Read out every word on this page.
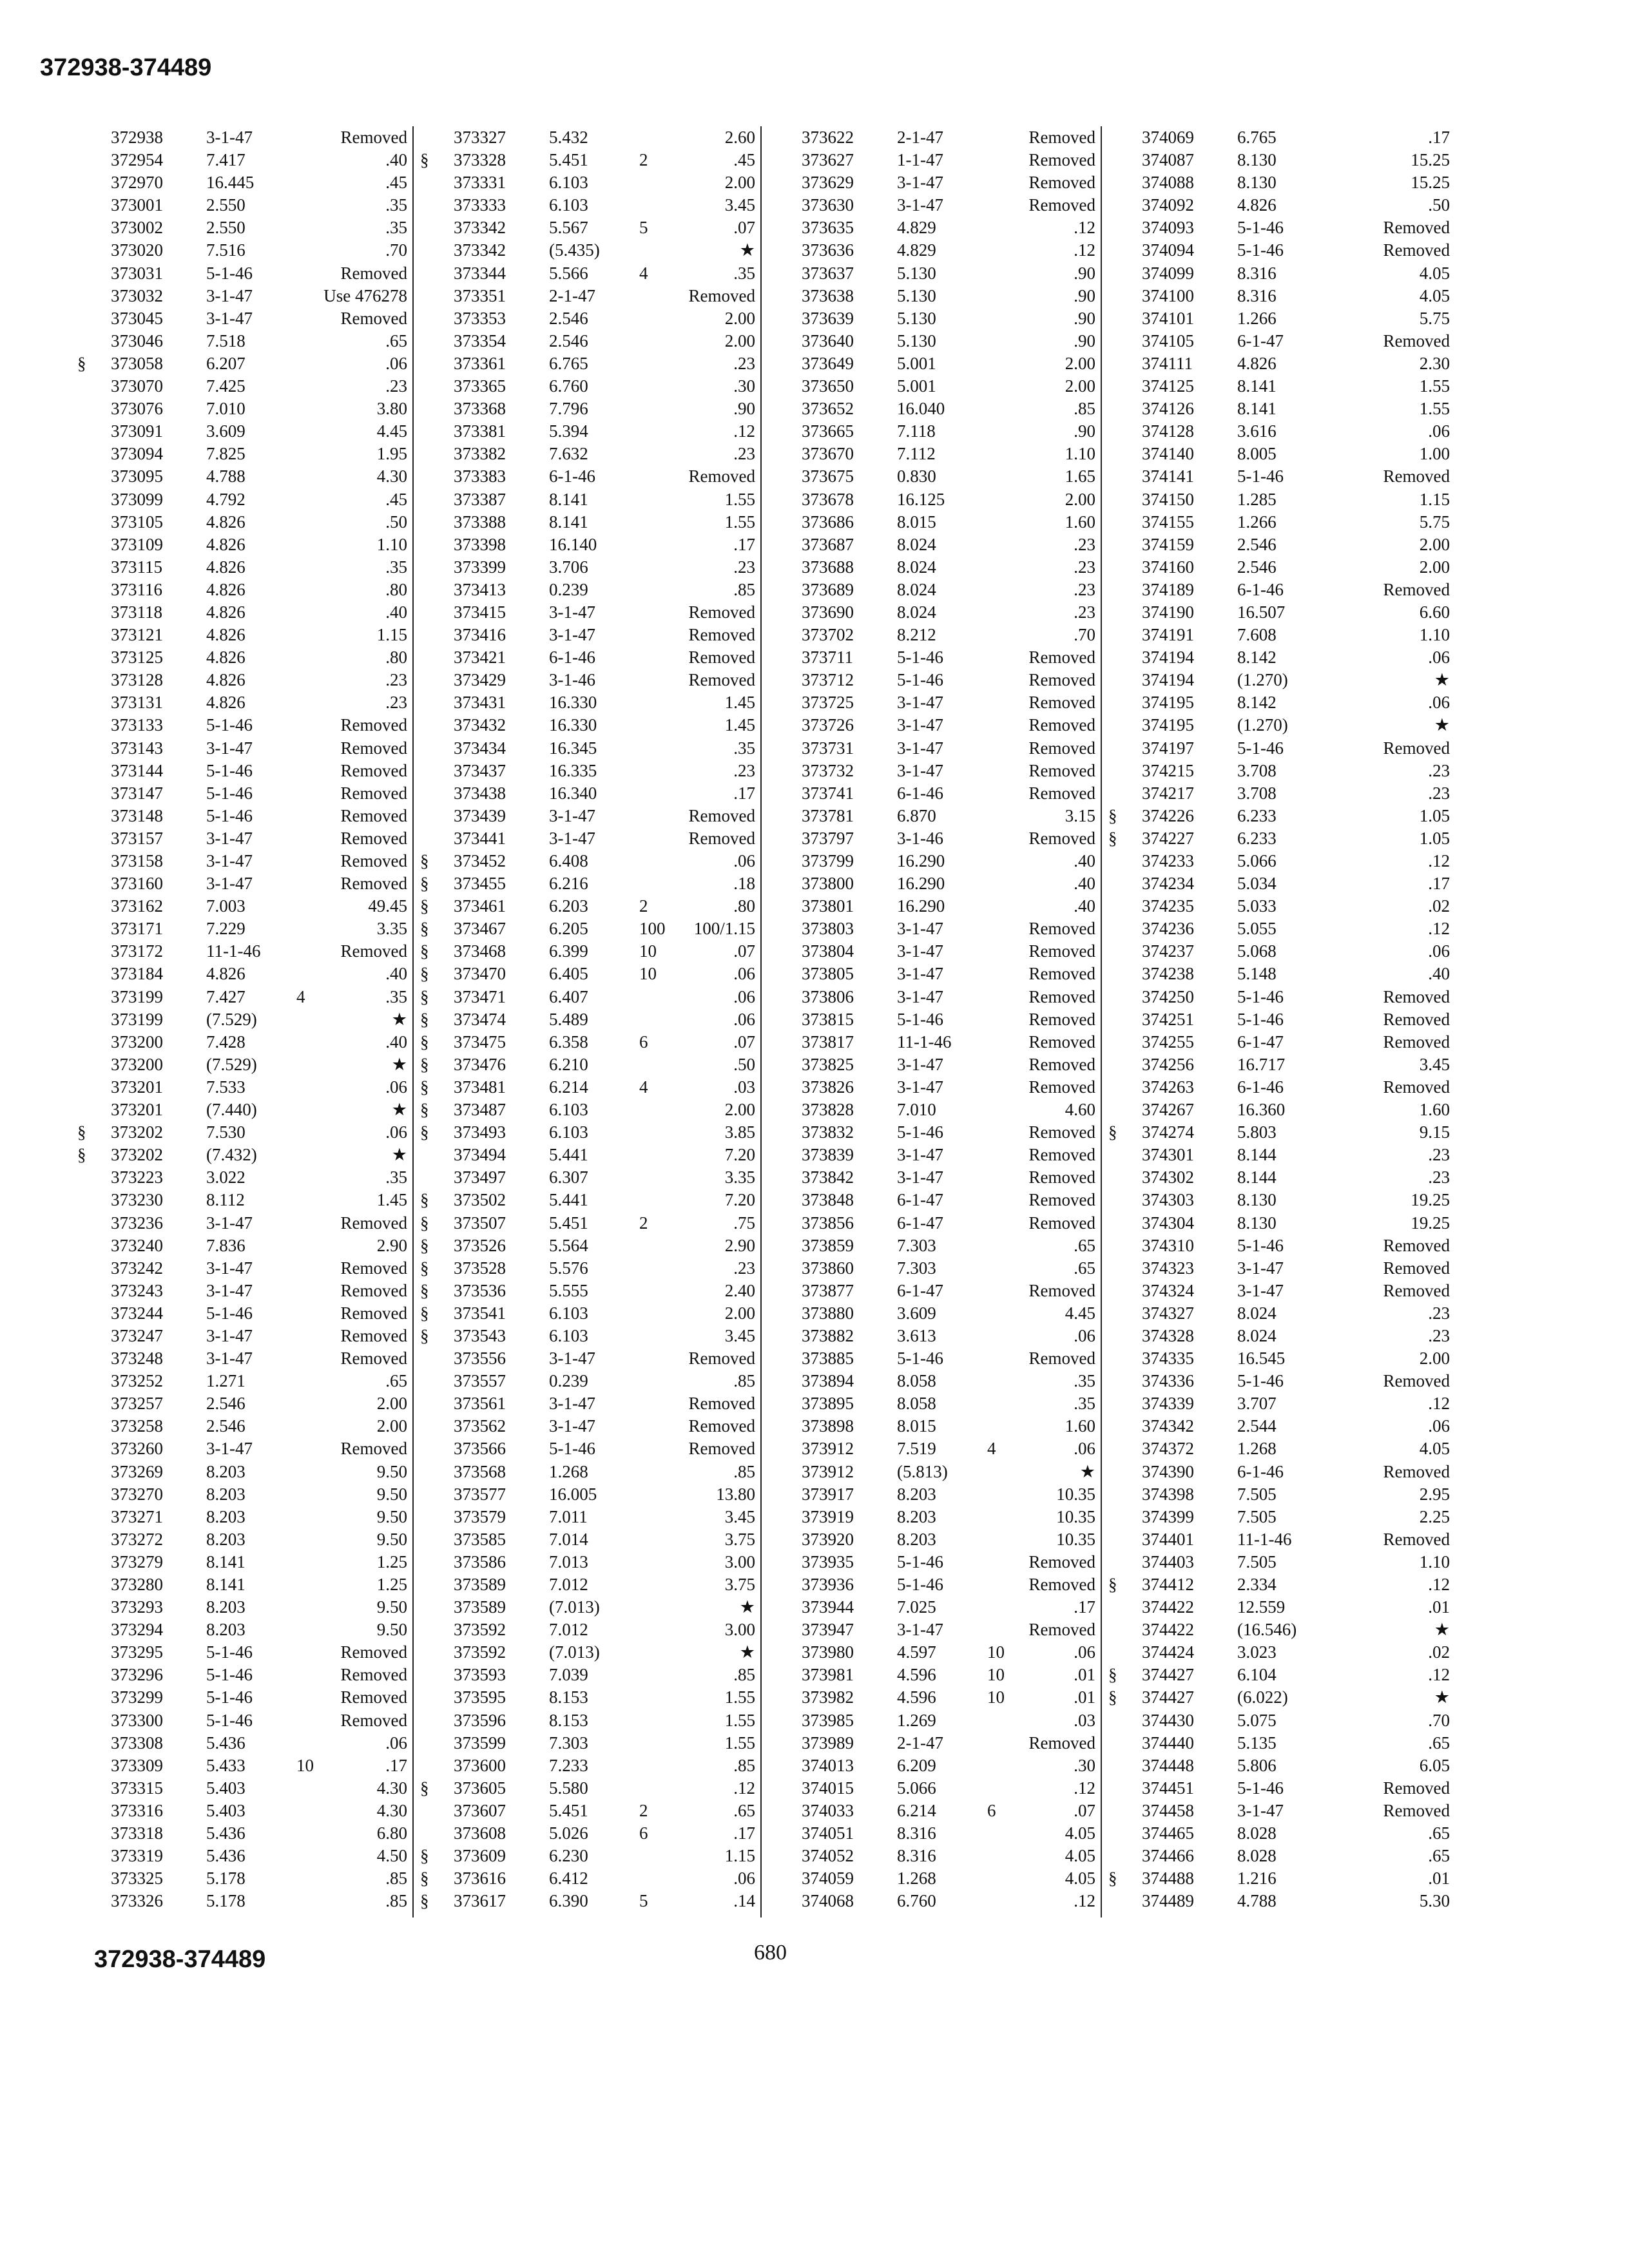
372938-374489
372938 3-1-47	Removed
372954 7.417	.40
372970 16.445	.45
373001 2.550	.35
373002 2.550	.35
373020 7.516	.70
373031 5-1-46	Removed
373032 3-1-47	Use 476278
373045 3-1-47	Removed
373046 7.518	.65
§ 373058 6.207	.06
373070 7.425	.23
373076 7.010	3.80
373091 3.609	4.45
373094 7.825	1.95
373095 4.788	4.30
373099 4.792	.45
373105 4.826	.50
373109 4.826	1.10
373115	4.826	.35
373116	4.826	.80
373118	4.826	.40
373121 4.826	1.15
373125 4.826	.80
373128 4.826	.23
373131 4.826	.23
373133 5-1-46	Removed
373143 3-1-47	Removed
373144 5-1-46	Removed
373147 5-1-46	Removed
373148 5-1-46	Removed
373157 3-1-47	Removed
373158 3-1-47	Removed
373160 3-1-47	Removed
373162 7.003	49.45
373171 7.229	3.35
373172 11-1-46	Removed
373184 4.826	.40
373199 7.427	4	.35
373199 (7.529)	★
373200 7.428	.40
373200 (7.529)	★
373201 7.533	.06
373201 (7.440)	★
§ 373202 7.530	.06
§ 373202 (7.432)	★
373223 3.022	.35
373230 8.112	1.45
373236 3-1-47	Removed
373240 7.836	2.90
373242 3-1-47	Removed
373243 3-1-47	Removed
373244 5-1-46	Removed
373247 3-1-47	Removed
373248 3-1-47	Removed
373252 1.271	.65
373257 2.546	2.00
373258 2.546	2.00
373260 3-1-47	Removed
373269 8.203	9.50
373270 8.203	9.50
373271 8.203	9.50
373272 8.203	9.50
373279 8.141	1.25
373280 8.141	1.25
373293 8.203	9.50
373294 8.203	9.50
373295 5-1-46	Removed
373296 5-1-46	Removed
373299 5-1-46	Removed
373300 5-1-46	Removed
373308 5.436	.06
373309 5.433	10	.17
373315 5.403	4.30
373316 5.403	4.30
373318 5.436	6.80
373319 5.436	4.50
373325 5.178	.85
373326 5.178	.85
373327 5.432	2.60
§ 373328 5.451	2	.45
373331 6.103	2.00
373333 6.103	3.45
373342 5.567	5	.07
373342 (5.435)	★
373344 5.566	4	.35
373351 2-1-47	Removed
373353 2.546	2.00
373354 2.546	2.00
373361 6.765	.23
373365 6.760	.30
373368 7.796	.90
373381 5.394	.12
373382 7.632	.23
373383 6-1-46	Removed
373387 8.141	1.55
373388 8.141	1.55
373398 16.140	.17
373399 3.706	.23
373413 0.239	.85
373415 3-1-47	Removed
373416 3-1-47	Removed
373421 6-1-46	Removed
373429 3-1-46	Removed
373431 16.330	1.45
373432 16.330	1.45
373434 16.345	.35
373437 16.335	.23
373438 16.340	.17
373439 3-1-47	Removed
373441 3-1-47	Removed
§ 373452 6.408	.06
§ 373455 6.216	.18
§ 373461 6.203	2	.80
§ 373467 6.205	100 100/1.15
§ 373468 6.399	10	.07
§ 373470 6.405	10	.06
§ 373471 6.407	.06
§ 373474 5.489	.06
§ 373475 6.358	6	.07
§ 373476 6.210	.50
§ 373481 6.214	4	.03
§ 373487 6.103	2.00
§ 373493 6.103	3.85
373494 5.441	7.20
373497 6.307	3.35
§ 373502 5.441	7.20
§ 373507 5.451	2	.75
§ 373526 5.564	2.90
§ 373528 5.576	.23
§ 373536 5.555	2.40
§ 373541 6.103	2.00
§ 373543 6.103	3.45
373556 3-1-47	Removed
373557 0.239	.85
373561 3-1-47	Removed
373562 3-1-47	Removed
373566 5-1-46	Removed
373568 1.268	.85
373577 16.005	13.80
373579 7.011	3.45
373585 7.014	3.75
373586 7.013	3.00
373589 7.012	3.75
373589 (7.013)	★
373592 7.012	3.00
373592 (7.013)	★
373593 7.039	.85
373595 8.153	1.55
373596 8.153	1.55
373599 7.303	1.55
373600 7.233	.85
§ 373605 5.580	.12
373607 5.451	2	.65
373608 5.026	6	.17
§ 373609 6.230	1.15
§ 373616 6.412	.06
§ 373617 6.390	5	.14
373622 2-1-47	Removed
373627 1-1-47	Removed
373629 3-1-47	Removed
373630 3-1-47	Removed
373635 4.829	.12
373636 4.829	.12
373637 5.130	.90
373638 5.130	.90
373639 5.130	.90
373640 5.130	.90
373649 5.001	2.00
373650 5.001	2.00
373652 16.040	.85
373665 7.118	.90
373670 7.112	1.10
373675 0.830	1.65
373678 16.125	2.00
373686 8.015	1.60
373687 8.024	.23
373688 8.024	.23
373689 8.024	.23
373690 8.024	.23
373702 8.212	.70
373711	5-1-46	Removed
373712 5-1-46	Removed
373725 3-1-47	Removed
373726 3-1-47	Removed
373731 3-1-47	Removed
373732 3-1-47	Removed
373741 6-1-46	Removed
373781 6.870	3.15
373797 3-1-46	Removed
373799 16.290	.40
373800 16.290	.40
373801 16.290	.40
373803 3-1-47	Removed
373804 3-1-47	Removed
373805 3-1-47	Removed
373806 3-1-47	Removed
373815 5-1-46	Removed
373817 11-1-46	Removed
373825 3-1-47	Removed
373826 3-1-47	Removed
373828 7.010	4.60
373832 5-1-46	Removed
373839 3-1-47	Removed
373842 3-1-47	Removed
373848 6-1-47	Removed
373856 6-1-47	Removed
373859 7.303	.65
373860 7.303	.65
373877 6-1-47	Removed
373880 3.609	4.45
373882 3.613	.06
373885 5-1-46	Removed
373894 8.058	.35
373895 8.058	.35
373898 8.015	1.60
373912 7.519	4	.06
373912 (5.813)	★
373917 8.203	10.35
373919 8.203	10.35
373920 8.203	10.35
373935 5-1-46	Removed
373936 5-1-46	Removed
373944 7.025	.17
373947 3-1-47	Removed
373980 4.597	10	.06
373981 4.596	10	.01
373982 4.596	10	.01
373985 1.269	.03
373989 2-1-47	Removed
374013 6.209	.30
374015 5.066	.12
374033 6.214	6	.07
374051 8.316	4.05
374052 8.316	4.05
374059 1.268	4.05
374068 6.760	.12
374069 6.765	.17
374087 8.130	15.25
374088 8.130	15.25
374092 4.826	.50
374093 5-1-46	Removed
374094 5-1-46	Removed
374099 8.316	4.05
374100 8.316	4.05
374101 1.266	5.75
374105 6-1-47	Removed
374111	4.826	2.30
374125 8.141	1.55
374126 8.141	1.55
374128 3.616	.06
374140 8.005	1.00
374141 5-1-46	Removed
374150 1.285	1.15
374155 1.266	5.75
374159 2.546	2.00
374160 2.546	2.00
374189 6-1-46	Removed
374190 16.507	6.60
374191 7.608	1.10
374194 8.142	.06
374194 (1.270)	★
374195 8.142	.06
374195 (1.270)	★
374197 5-1-46	Removed
374215 3.708	.23
374217 3.708	.23
§ 374226 6.233	1.05
§ 374227 6.233	1.05
374233 5.066	.12
374234 5.034	.17
374235 5.033	.02
374236 5.055	.12
374237 5.068	.06
374238 5.148	.40
374250 5-1-46	Removed
374251 5-1-46	Removed
374255 6-1-47	Removed
374256 16.717	3.45
374263 6-1-46	Removed
374267 16.360	1.60
§ 374274 5.803	9.15
374301 8.144	.23
374302 8.144	.23
374303 8.130	19.25
374304 8.130	19.25
374310 5-1-46	Removed
374323 3-1-47	Removed
374324 3-1-47	Removed
374327 8.024	.23
374328 8.024	.23
374335 16.545	2.00
374336 5-1-46	Removed
374339 3.707	.12
374342 2.544	.06
374372 1.268	4.05
374390 6-1-46	Removed
374398 7.505	2.95
374399 7.505	2.25
374401 11-1-46	Removed
374403 7.505	1.10
§ 374412 2.334	.12
374422 12.559	.01
374422 (16.546)	★
374424 3.023	.02
§ 374427 6.104	.12
§ 374427 (6.022)	★
374430 5.075	.70
374440 5.135	.65
374448 5.806	6.05
374451 5-1-46	Removed
374458 3-1-47	Removed
374465 8.028	.65
374466 8.028	.65
§ 374488 1.216	.01
374489 4.788	5.30
680
372938-374489
